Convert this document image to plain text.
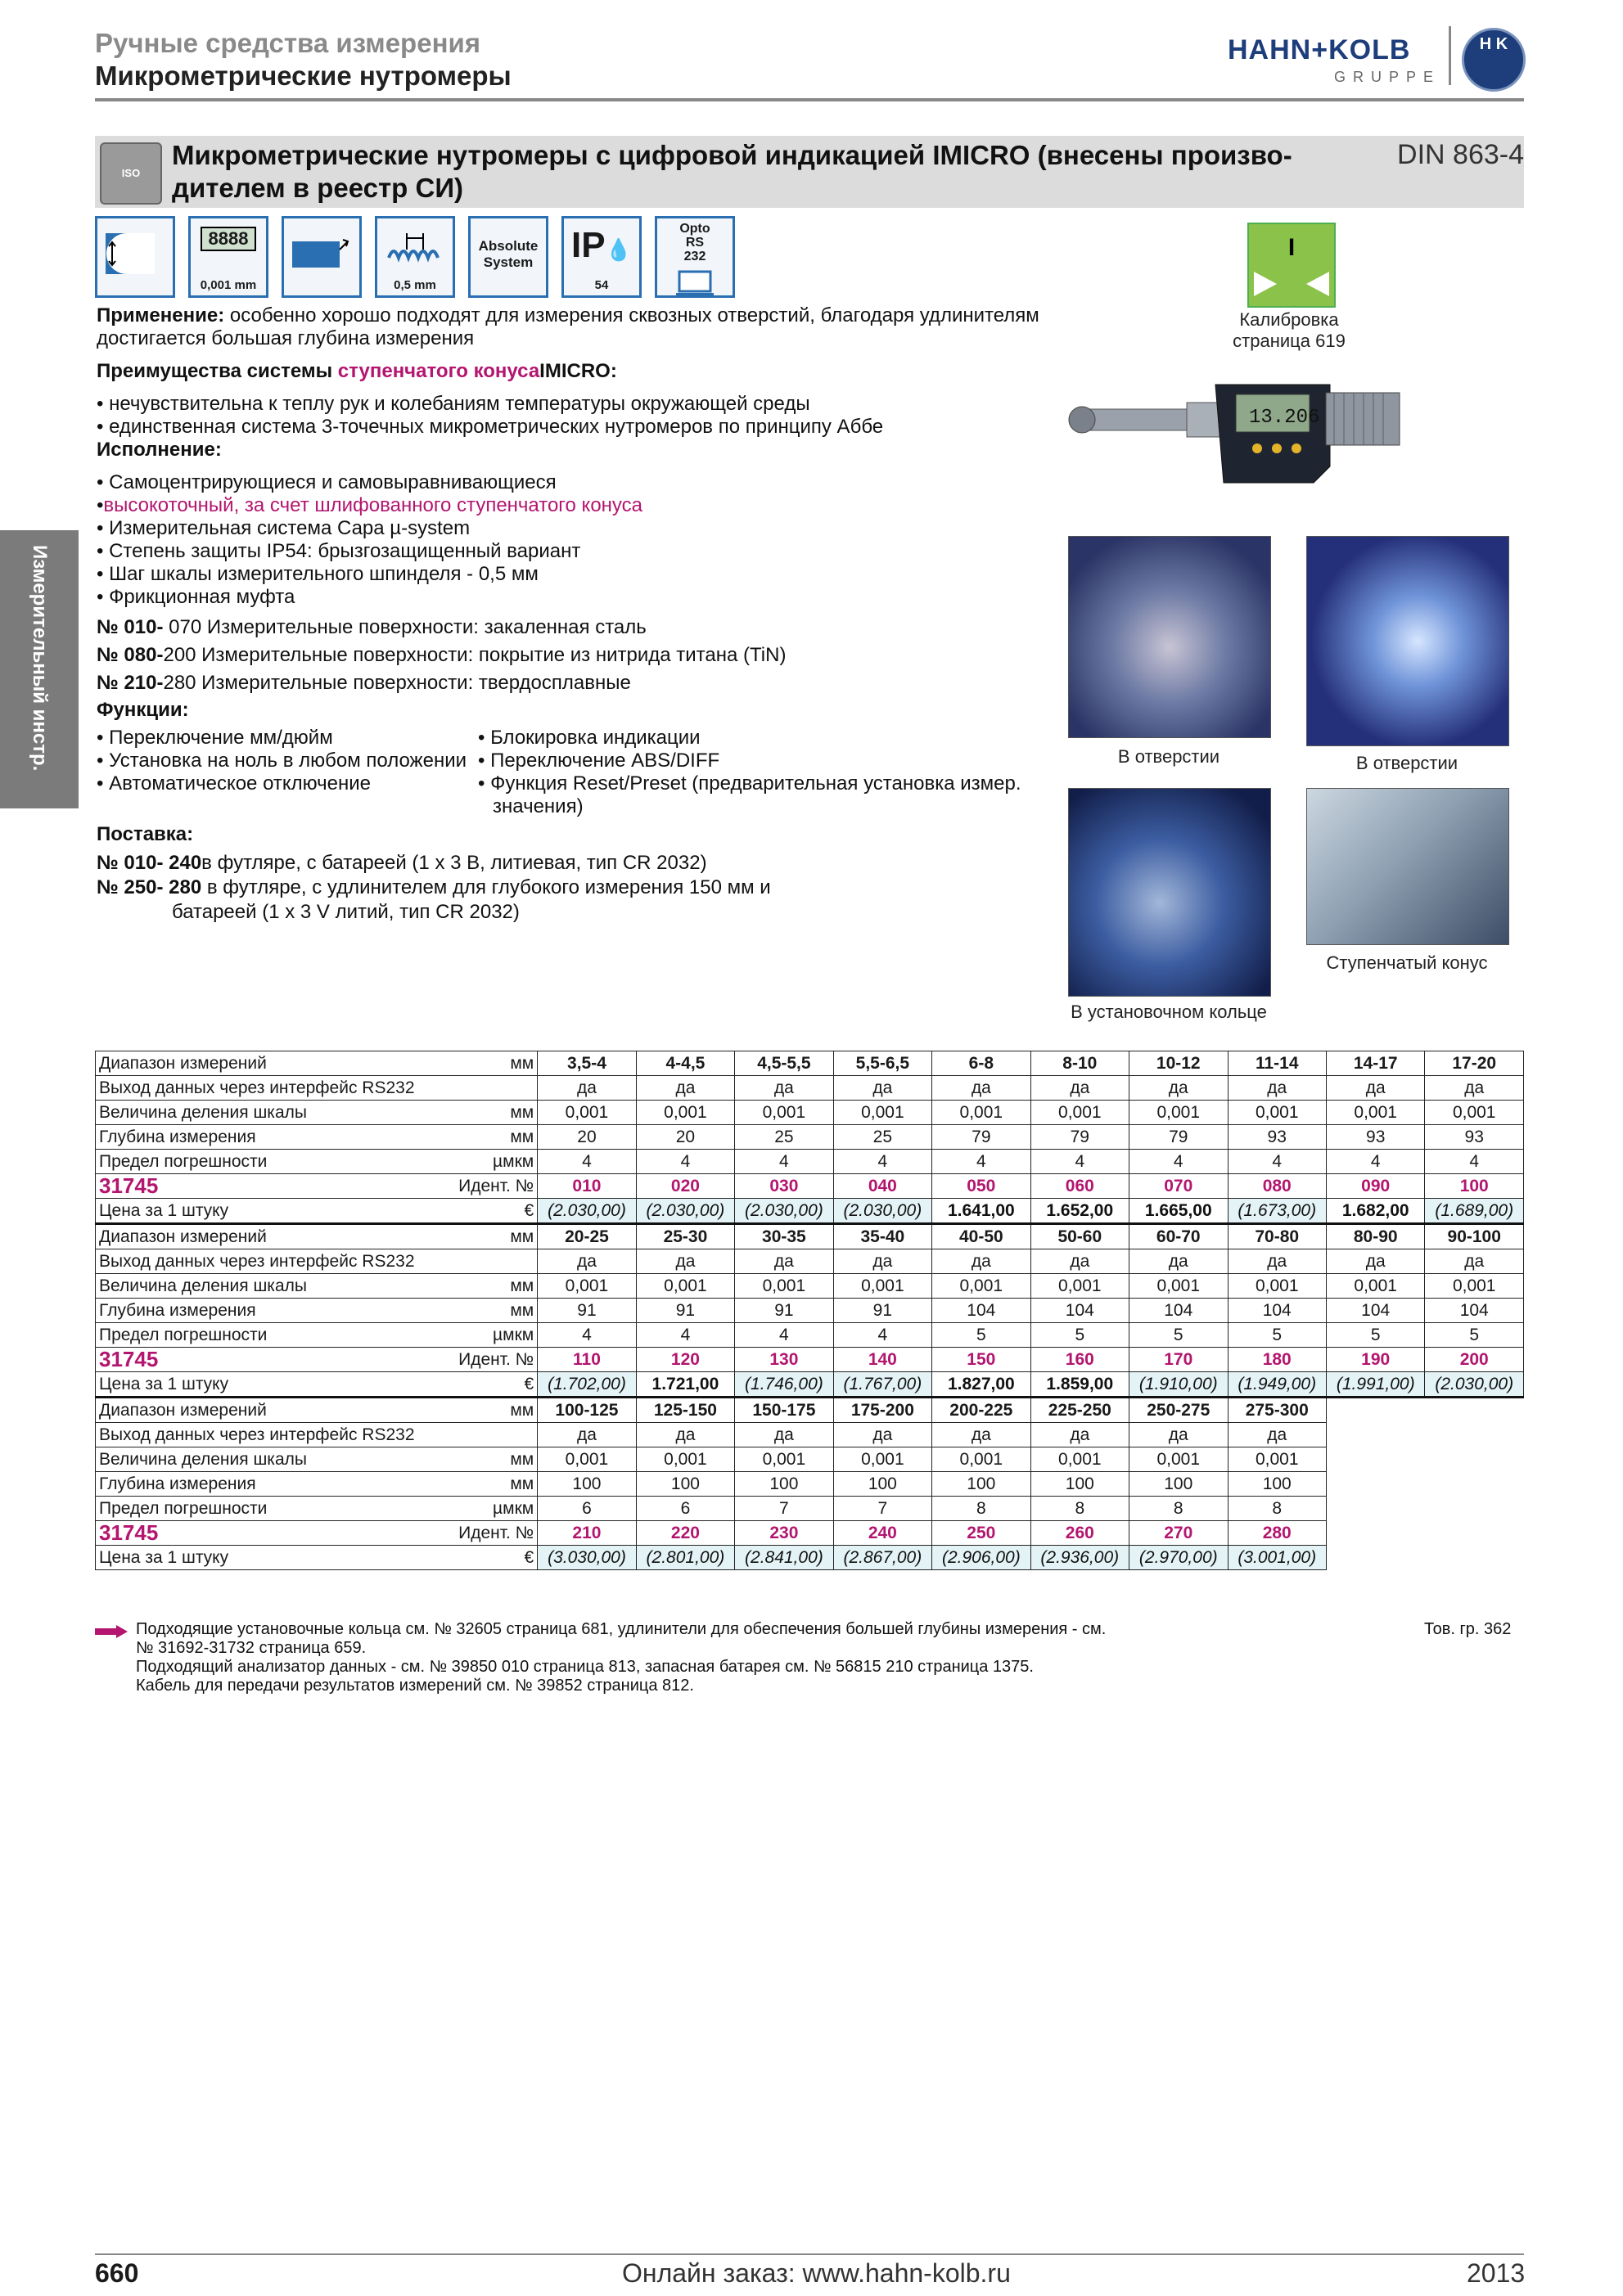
Ручные средства измерения
Микрометрические нутромеры
HAHN+KOLB
GRUPPE
H K
Измерительный инстр.
ISO
Микрометрические нутромеры с цифровой индикацией IMICRO (внесены произво-
дителем в реестр СИ)
DIN 863-4
8888
0,001 mm	0,5 mm
Absolute System	IP💧
54
Opto RS 232	I
Калибровка
страница 619
13.206
Применение: особенно хорошо подходят для измерения сквозных отверстий, благодаря удлинителям
достигается большая глубина измерения
Преимущества системы ступенчатого конусаIMICRO:
• нечувствительна к теплу рук и колебаниям температуры окружающей среды
• единственная система 3-точечных микрометрических нутромеров по принципу Аббе
Исполнение:
• Самоцентрирующиеся и самовыравнивающиеся
•высокоточный, за счет шлифованного ступенчатого конуса
• Измерительная система Сара µ-system
• Степень защиты IP54: брызгозащищенный вариант
• Шаг шкалы измерительного шпинделя - 0,5 мм
• Фрикционная муфта
№ 010- 070 Измерительные поверхности: закаленная сталь
№ 080-200 Измерительные поверхности: покрытие из нитрида титана (TiN)
№ 210-280 Измерительные поверхности: твердосплавные
Функции:
• Переключение мм/дюйм
• Установка на ноль в любом положении
• Автоматическое отключение
• Блокировка индикации
• Переключение ABS/DIFF
• Функция Reset/Preset (предварительная установка измер.
значения)
Поставка:
№ 010- 240в футляре, с батареей (1 x 3 В, литиевая, тип CR 2032)
№ 250- 280 в футляре, с удлинителем для глубокого измерения 150 мм и
батареей (1 x 3 V литий, тип CR 2032)
В отверстии	В отверстии
В установочном кольце
Ступенчатый конус
Диапазон измерений	мм	3,5-4	4-4,5	4,5-5,5	5,5-6,5	6-8	8-10	10-12	11-14	14-17	17-20
Выход данных через интерфейс RS232		да	да	да	да	да	да	да	да	да	да
Величина деления шкалы	мм	0,001	0,001	0,001	0,001	0,001	0,001	0,001	0,001	0,001	0,001
Глубина измерения	мм	20	20	25	25	79	79	79	93	93	93
Предел погрешности	µмкм	4	4	4	4	4	4	4	4	4	4
31745	Идент. №	010	020	030	040	050	060	070	080	090	100
Цена за 1 штуку	€	(2.030,00)	(2.030,00)	(2.030,00)	(2.030,00)	1.641,00	1.652,00	1.665,00	(1.673,00)	1.682,00	(1.689,00)
Диапазон измерений	мм	20-25	25-30	30-35	35-40	40-50	50-60	60-70	70-80	80-90	90-100
Выход данных через интерфейс RS232		да	да	да	да	да	да	да	да	да	да
Величина деления шкалы	мм	0,001	0,001	0,001	0,001	0,001	0,001	0,001	0,001	0,001	0,001
Глубина измерения	мм	91	91	91	91	104	104	104	104	104	104
Предел погрешности	µмкм	4	4	4	4	5	5	5	5	5	5
31745	Идент. №	110	120	130	140	150	160	170	180	190	200
Цена за 1 штуку	€	(1.702,00)	1.721,00	(1.746,00)	(1.767,00)	1.827,00	1.859,00	(1.910,00)	(1.949,00)	(1.991,00)	(2.030,00)
Диапазон измерений	мм	100-125	125-150	150-175	175-200	200-225	225-250	250-275	275-300		
Выход данных через интерфейс RS232		да	да	да	да	да	да	да	да		
Величина деления шкалы	мм	0,001	0,001	0,001	0,001	0,001	0,001	0,001	0,001		
Глубина измерения	мм	100	100	100	100	100	100	100	100		
Предел погрешности	µмкм	6	6	7	7	8	8	8	8		
31745	Идент. №	210	220	230	240	250	260	270	280		
Цена за 1 штуку	€	(3.030,00)	(2.801,00)	(2.841,00)	(2.867,00)	(2.906,00)	(2.936,00)	(2.970,00)	(3.001,00)		
Подходящие установочные кольца см. № 32605 страница 681, удлинители для обеспечения большей глубины измерения - см.
№ 31692-31732 страница 659.
Подходящий анализатор данных - см. № 39850 010 страница 813, запасная батарея см. № 56815 210 страница 1375.
Кабель для передачи результатов измерений см. № 39852 страница 812.
Тов. гр. 362
660	Онлайн заказ: www.hahn-kolb.ru	2013
